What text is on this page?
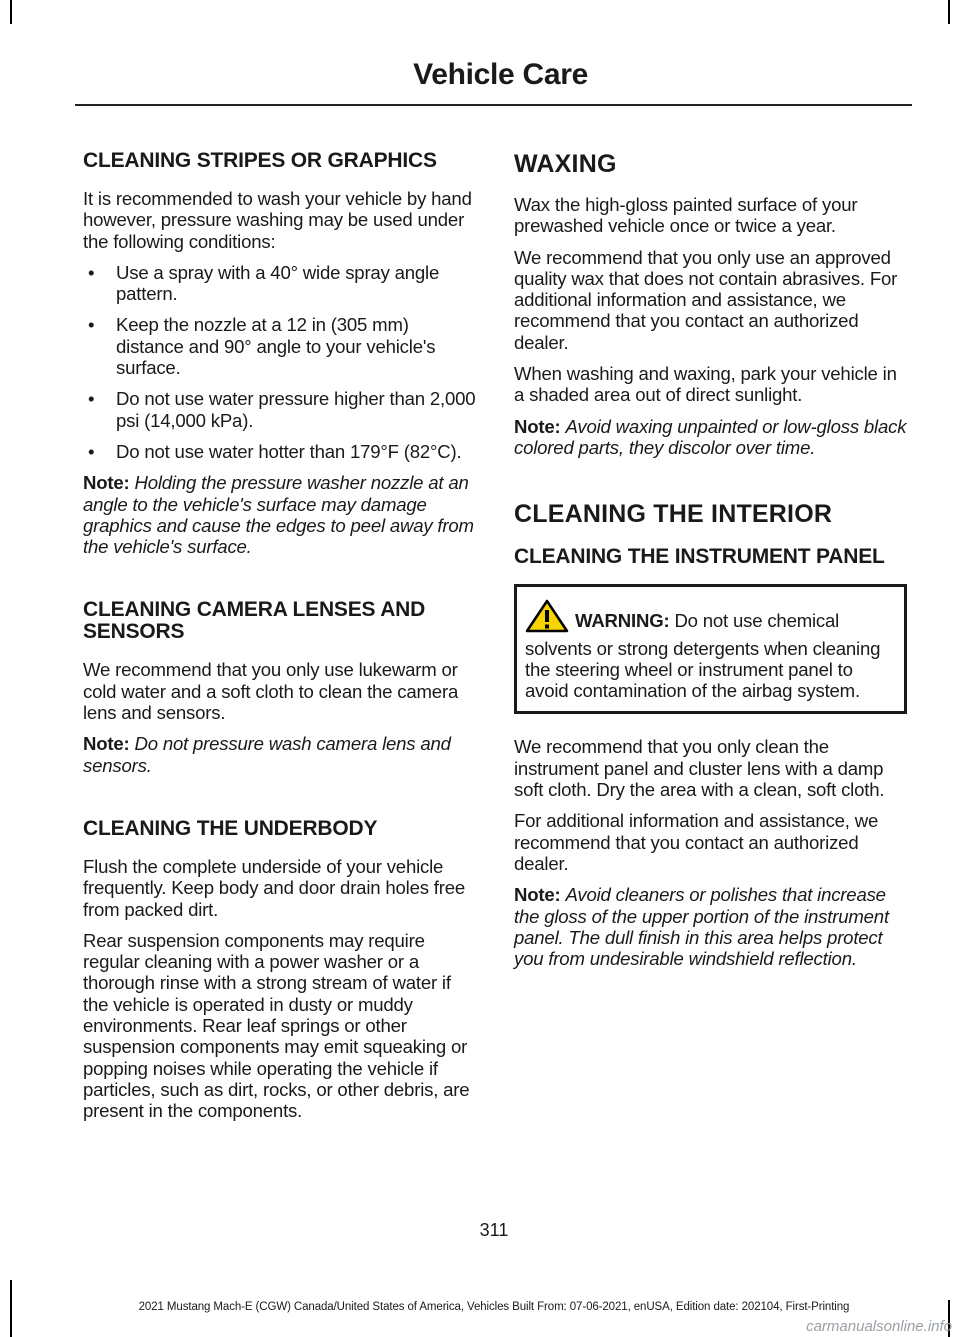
Vehicle Care
CLEANING STRIPES OR GRAPHICS

It is recommended to wash your vehicle by hand however, pressure washing may be used under the following conditions:

• Use a spray with a 40° wide spray angle pattern.
• Keep the nozzle at a 12 in (305 mm) distance and 90° angle to your vehicle's surface.
• Do not use water pressure higher than 2,000 psi (14,000 kPa).
• Do not use water hotter than 179°F (82°C).

Note: Holding the pressure washer nozzle at an angle to the vehicle's surface may damage graphics and cause the edges to peel away from the vehicle's surface.

CLEANING CAMERA LENSES AND SENSORS

We recommend that you only use lukewarm or cold water and a soft cloth to clean the camera lens and sensors.

Note: Do not pressure wash camera lens and sensors.

CLEANING THE UNDERBODY

Flush the complete underside of your vehicle frequently. Keep body and door drain holes free from packed dirt.

Rear suspension components may require regular cleaning with a power washer or a thorough rinse with a strong stream of water if the vehicle is operated in dusty or muddy environments. Rear leaf springs or other suspension components may emit squeaking or popping noises while operating the vehicle if particles, such as dirt, rocks, or other debris, are present in the components.

WAXING

Wax the high-gloss painted surface of your prewashed vehicle once or twice a year.

We recommend that you only use an approved quality wax that does not contain abrasives. For additional information and assistance, we recommend that you contact an authorized dealer.

When washing and waxing, park your vehicle in a shaded area out of direct sunlight.

Note: Avoid waxing unpainted or low-gloss black colored parts, they discolor over time.

CLEANING THE INTERIOR
CLEANING THE INSTRUMENT PANEL

WARNING: Do not use chemical solvents or strong detergents when cleaning the steering wheel or instrument panel to avoid contamination of the airbag system.

We recommend that you only clean the instrument panel and cluster lens with a damp soft cloth. Dry the area with a clean, soft cloth.

For additional information and assistance, we recommend that you contact an authorized dealer.

Note: Avoid cleaners or polishes that increase the gloss of the upper portion of the instrument panel. The dull finish in this area helps protect you from undesirable windshield reflection.

311
2021 Mustang Mach-E (CGW) Canada/United States of America, Vehicles Built From: 07-06-2021, enUSA, Edition date: 202104, First-Printing
carmanualsonline.info
